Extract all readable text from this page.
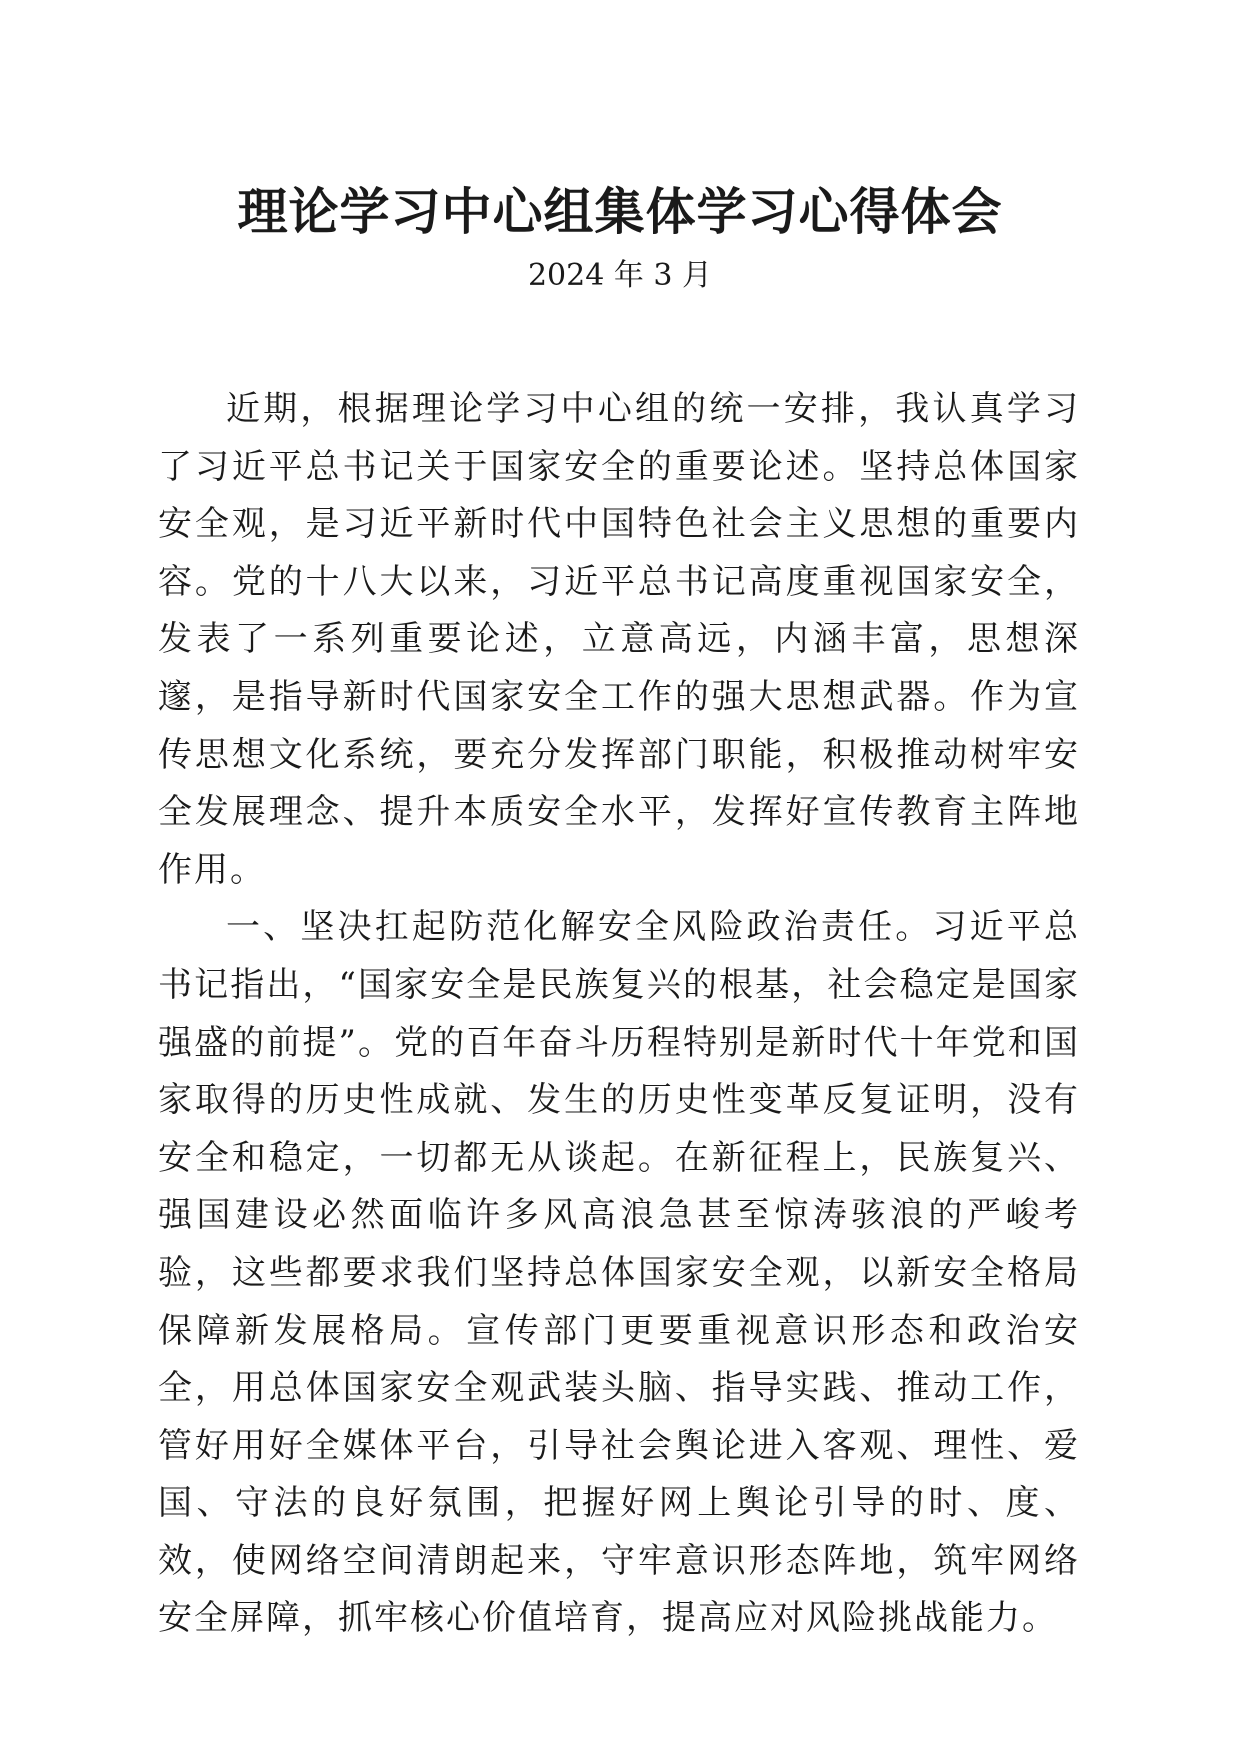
理论学习中心组集体学习心得体会
2024 年 3 月

近期，根据理论学习中心组的统一安排，我认真学习了习近平总书记关于国家安全的重要论述。坚持总体国家安全观，是习近平新时代中国特色社会主义思想的重要内容。党的十八大以来，习近平总书记高度重视国家安全，发表了一系列重要论述，立意高远，内涵丰富，思想深邃，是指导新时代国家安全工作的强大思想武器。作为宣传思想文化系统，要充分发挥部门职能，积极推动树牢安全发展理念、提升本质安全水平，发挥好宣传教育主阵地作用。

一、坚决扛起防范化解安全风险政治责任。习近平总书记指出，“国家安全是民族复兴的根基，社会稳定是国家强盛的前提”。党的百年奋斗历程特别是新时代十年党和国家取得的历史性成就、发生的历史性变革反复证明，没有安全和稳定，一切都无从谈起。在新征程上，民族复兴、强国建设必然面临许多风高浪急甚至惊涛骇浪的严峻考验，这些都要求我们坚持总体国家安全观，以新安全格局保障新发展格局。宣传部门更要重视意识形态和政治安全，用总体国家安全观武装头脑、指导实践、推动工作，管好用好全媒体平台，引导社会舆论进入客观、理性、爱国、守法的良好氛围，把握好网上舆论引导的时、度、效，使网络空间清朗起来，守牢意识形态阵地，筑牢网络安全屏障，抓牢核心价值培育，提高应对风险挑战能力。
